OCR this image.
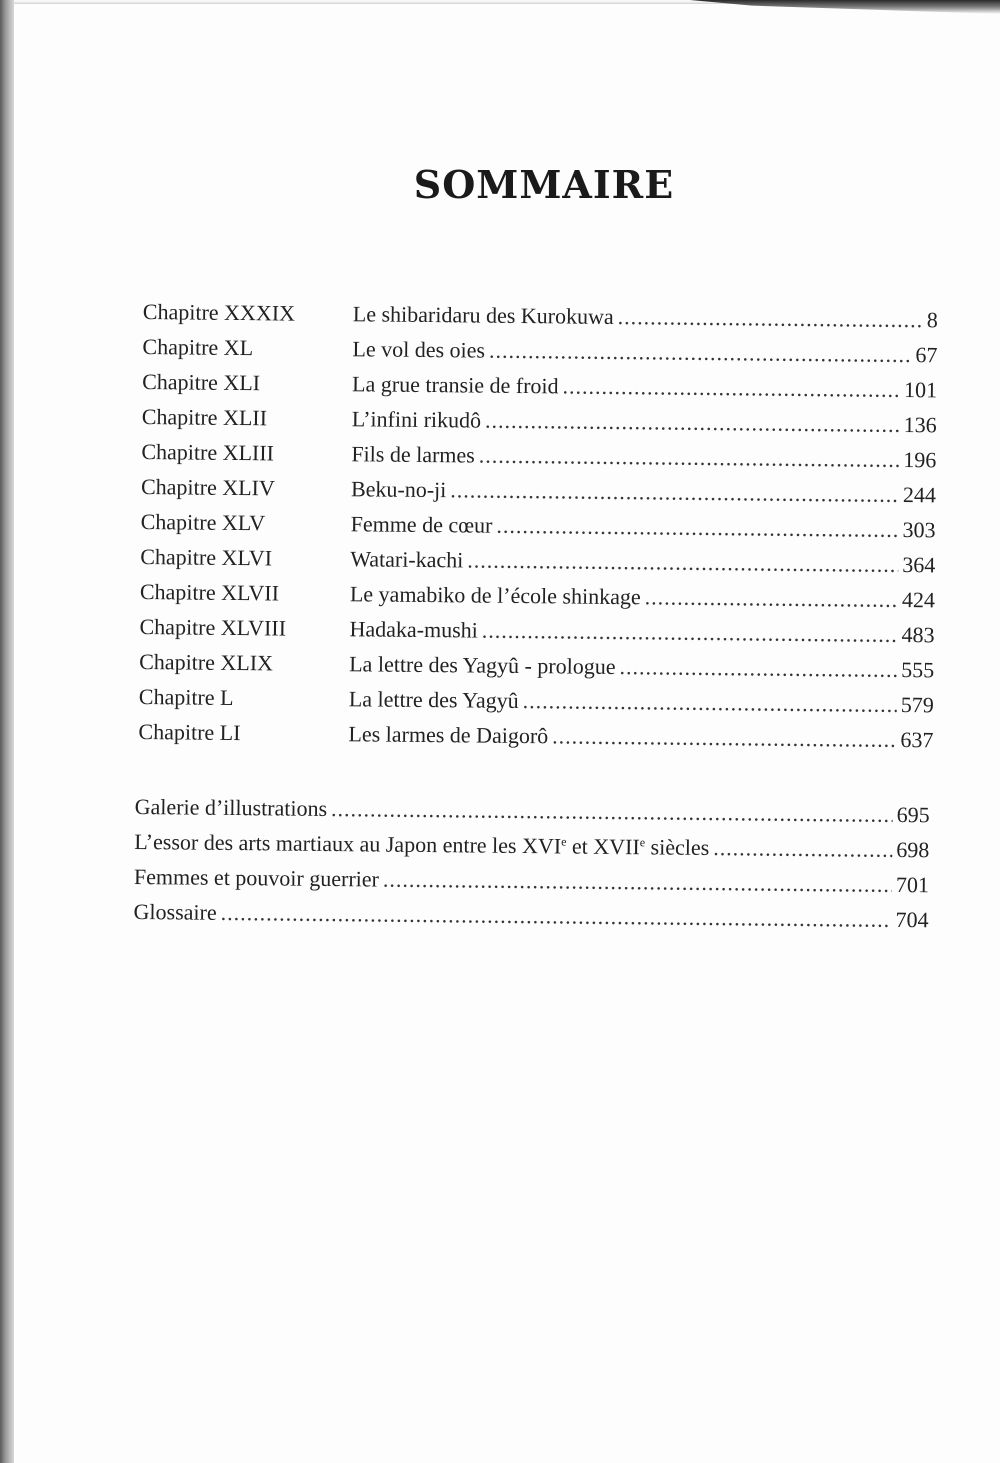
SOMMAIRE
Chapitre XXXIX	Le shibaridaru des Kurokuwa .....	8
Chapitre XL	Le vol des oies .....	67
Chapitre XLI	La grue transie de froid .....	101
Chapitre XLII	L’infini rikudô .....	136
Chapitre XLIII	Fils de larmes .....	196
Chapitre XLIV	Beku-no-ji .....	244
Chapitre XLV	Femme de cœur .....	303
Chapitre XLVI	Watari-kachi .....	364
Chapitre XLVII	Le yamabiko de l’école shinkage .....	424
Chapitre XLVIII	Hadaka-mushi .....	483
Chapitre XLIX	La lettre des Yagyû - prologue .....	555
Chapitre L	La lettre des Yagyû .....	579
Chapitre LI	Les larmes de Daigorô .....	637
Galerie d’illustrations .....	695
L’essor des arts martiaux au Japon entre les XVIe et XVIIe siècles .....	698
Femmes et pouvoir guerrier .....	701
Glossaire .....	704
